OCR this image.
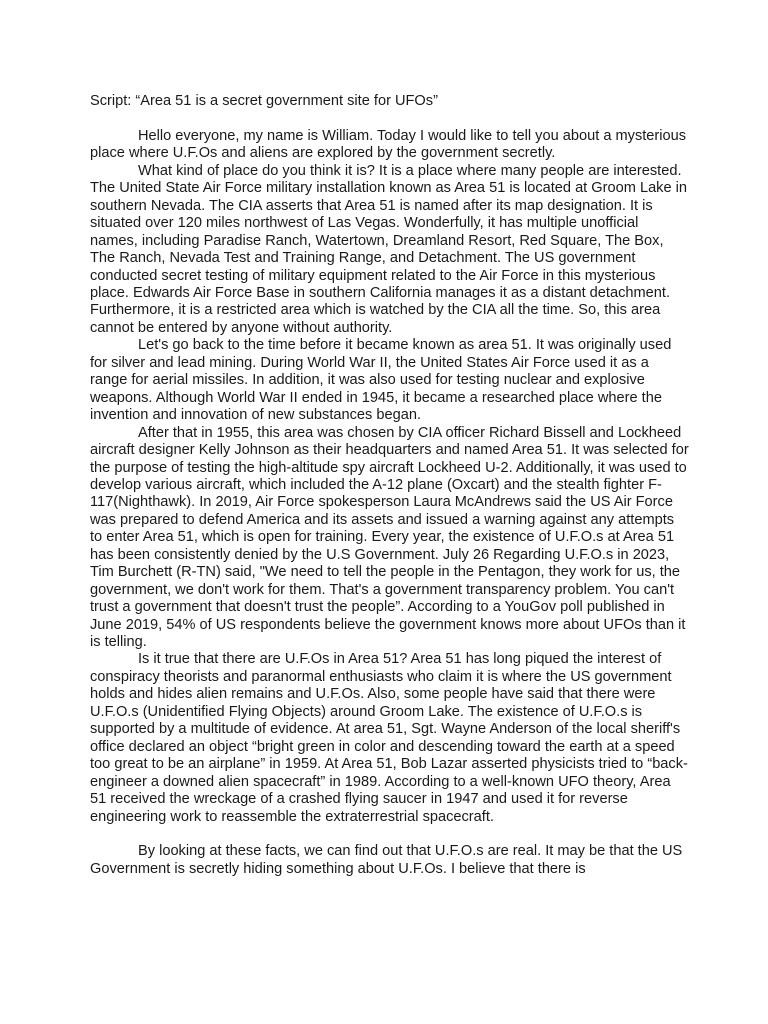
Script: “Area 51 is a secret government site for UFOs”

Hello everyone, my name is William. Today I would like to tell you about a mysterious place where U.F.Os and aliens are explored by the government secretly.

What kind of place do you think it is? It is a place where many people are interested. The United State Air Force military installation known as Area 51 is located at Groom Lake in southern Nevada. The CIA asserts that Area 51 is named after its map designation. It is situated over 120 miles northwest of Las Vegas. Wonderfully, it has multiple unofficial names, including Paradise Ranch, Watertown, Dreamland Resort, Red Square, The Box, The Ranch, Nevada Test and Training Range, and Detachment. The US government conducted secret testing of military equipment related to the Air Force in this mysterious place. Edwards Air Force Base in southern California manages it as a distant detachment. Furthermore, it is a restricted area which is watched by the CIA all the time. So, this area cannot be entered by anyone without authority.

Let's go back to the time before it became known as area 51. It was originally used for silver and lead mining. During World War II, the United States Air Force used it as a range for aerial missiles. In addition, it was also used for testing nuclear and explosive weapons. Although World War II ended in 1945, it became a researched place where the invention and innovation of new substances began.

After that in 1955, this area was chosen by CIA officer Richard Bissell and Lockheed aircraft designer Kelly Johnson as their headquarters and named Area 51. It was selected for the purpose of testing the high-altitude spy aircraft Lockheed U-2. Additionally, it was used to develop various aircraft, which included the A-12 plane (Oxcart) and the stealth fighter F-117(Nighthawk). In 2019, Air Force spokesperson Laura McAndrews said the US Air Force was prepared to defend America and its assets and issued a warning against any attempts to enter Area 51, which is open for training. Every year, the existence of U.F.O.s at Area 51 has been consistently denied by the U.S Government. July 26 Regarding U.F.O.s in 2023, Tim Burchett (R-TN) said, "We need to tell the people in the Pentagon, they work for us, the government, we don't work for them. That's a government transparency problem. You can't trust a government that doesn't trust the people”. According to a YouGov poll published in June 2019, 54% of US respondents believe the government knows more about UFOs than it is telling.

Is it true that there are U.F.Os in Area 51? Area 51 has long piqued the interest of conspiracy theorists and paranormal enthusiasts who claim it is where the US government holds and hides alien remains and U.F.Os. Also, some people have said that there were U.F.O.s (Unidentified Flying Objects) around Groom Lake. The existence of U.F.O.s is supported by a multitude of evidence. At area 51, Sgt. Wayne Anderson of the local sheriff's office declared an object “bright green in color and descending toward the earth at a speed too great to be an airplane” in 1959. At Area 51, Bob Lazar asserted physicists tried to “back-engineer a downed alien spacecraft” in 1989. According to a well-known UFO theory, Area 51 received the wreckage of a crashed flying saucer in 1947 and used it for reverse engineering work to reassemble the extraterrestrial spacecraft.

By looking at these facts, we can find out that U.F.O.s are real. It may be that the US Government is secretly hiding something about U.F.Os. I believe that there is
